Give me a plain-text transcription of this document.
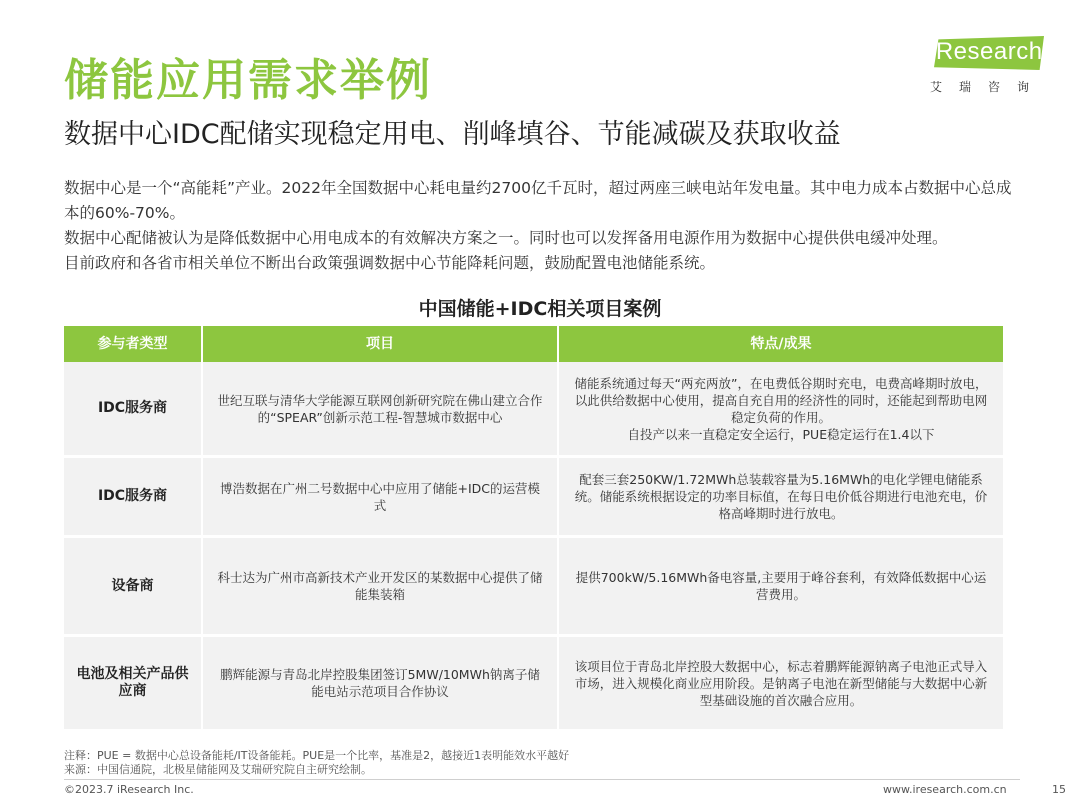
储能应用需求举例
数据中心IDC配储实现稳定用电、削峰填谷、节能减碳及获取收益
iResearch
艾瑞咨询

数据中心是一个“高能耗”产业。2022年全国数据中心耗电量约2700亿千瓦时，超过两座三峡电站年发电量。其中电力成本占数据中心总成本的60%-70%。

数据中心配储被认为是降低数据中心用电成本的有效解决方案之一。同时也可以发挥备用电源作用为数据中心提供供电缓冲处理。

目前政府和各省市相关单位不断出台政策强调数据中心节能降耗问题，鼓励配置电池储能系统。

中国储能+IDC相关项目案例
参与者类型	项目	特点/成果
IDC服务商	世纪互联与清华大学能源互联网创新研究院在佛山建立合作的“SPEAR”创新示范工程-智慧城市数据中心	储能系统通过每天“两充两放”，在电费低谷期时充电，电费高峰期时放电，以此供给数据中心使用，提高自充自用的经济性的同时，还能起到帮助电网稳定负荷的作用。
自投产以来一直稳定安全运行，PUE稳定运行在1.4以下

IDC服务商	博浩数据在广州二号数据中心中应用了储能+IDC的运营模式	配套三套250KW/1.72MWh总装载容量为5.16MWh的电化学锂电储能系统。储能系统根据设定的功率目标值，在每日电价低谷期进行电池充电，价格高峰期时进行放电。
设备商	科士达为广州市高新技术产业开发区的某数据中心提供了储能集装箱	提供700kW/5.16MWh备电容量,主要用于峰谷套利，有效降低数据中心运营费用。
电池及相关产品供应商	鹏辉能源与青岛北岸控股集团签订5MW/10MWh钠离子储能电站示范项目合作协议	该项目位于青岛北岸控股大数据中心，标志着鹏辉能源钠离子电池正式导入市场，进入规模化商业应用阶段。是钠离子电池在新型储能与大数据中心新型基础设施的首次融合应用。

注释：PUE = 数据中心总设备能耗/IT设备能耗。PUE是一个比率，基准是2，越接近1表明能效水平越好

来源：中国信通院，北极星储能网及艾瑞研究院自主研究绘制。

©2023.7 iResearch Inc.	www.iresearch.com.cn	15
